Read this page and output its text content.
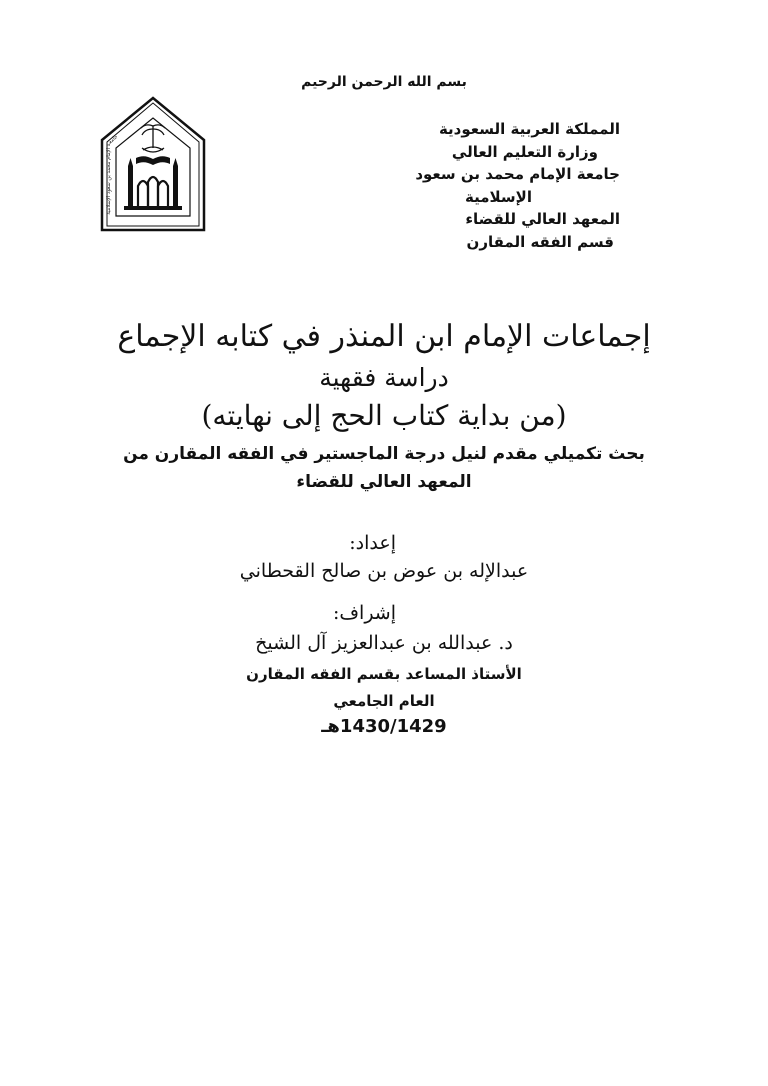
بسم الله الرحمن الرحيم
المملكة العربية السعودية
وزارة التعليم العالي
جامعة الإمام محمد بن سعود
الإسلامية
المعهد العالي للقضاء
قسم الفقه المقارن
جامعة الإمام محمد بن سعود الإسلامية
إجماعات الإمام ابن المنذر في كتابه الإجماع
دراسة فقهية
(من بداية كتاب الحج إلى نهايته)
بحث تكميلي مقدم لنيل درجة الماجستير في الفقه المقارن من المعهد العالي للقضاء
إعداد:
عبدالإله بن عوض بن صالح القحطاني
إشراف:
د. عبدالله بن عبدالعزيز آل الشيخ
الأستاذ المساعد بقسم الفقه المقارن
العام الجامعي
1430/1429هـ
